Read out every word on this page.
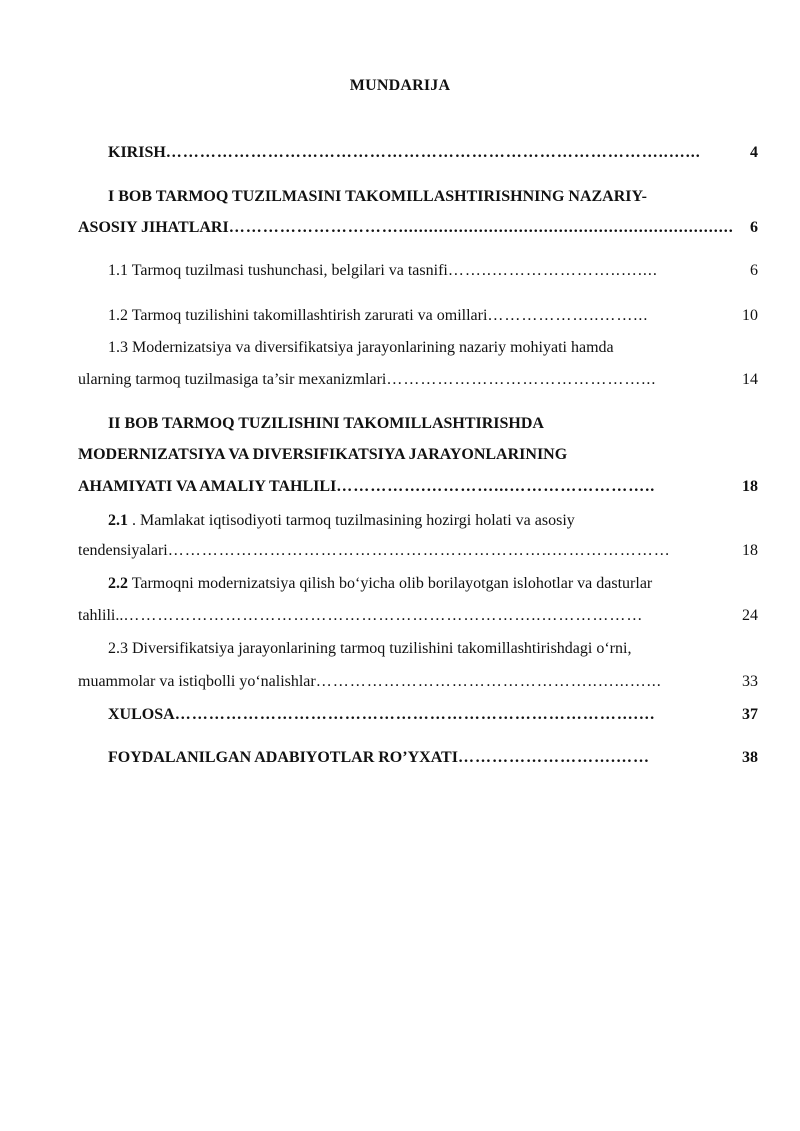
MUNDARIJA
KIRISH ……………………………………………………………………………..…...	4
I BOB TARMOQ TUZILMASINI TAKOMILLASHTIRISHNING NAZARIY-
ASOSIY JIHATLARI …………………………...................................................................	6
1.1 Tarmoq tuzilmasi tushunchasi, belgilari va tasnifi ……..…………………..…....	6
1.2 Tarmoq tuzilishini takomillashtirish zarurati va omillari ………………..……...	10
1.3 Modernizatsiya va diversifikatsiya jarayonlarining nazariy mohiyati hamda
ularning tarmoq tuzilmasiga ta’sir mexanizmlari ………………………………………...	14
II BOB TARMOQ TUZILISHINI TAKOMILLASHTIRISHDA
MODERNIZATSIYA VA DIVERSIFIKATSIYA JARAYONLARINING
AHAMIYATI VA AMALIY TAHLILI …………….…………...……………………..	18
2.1 . Mamlakat iqtisodiyoti tarmoq tuzilmasining hozirgi holati va asosiy
tendensiyalari …………………………………………………………..…………………	18
2.2 Tarmoqni modernizatsiya qilish bo‘yicha olib borilayotgan islohotlar va dasturlar
tahlili.. ………………………………………………………………..………………	24
2.3 Diversifikatsiya jarayonlarining tarmoq tuzilishini takomillashtirishdagi o‘rni,
muammolar va istiqbolli yo‘nalishlar …………………………………………..…...…...	33
XULOSA ……………………………………………………………………….…	37
FOYDALANILGAN ADABIYOTLAR RO’YXATI ……………………….……	38
